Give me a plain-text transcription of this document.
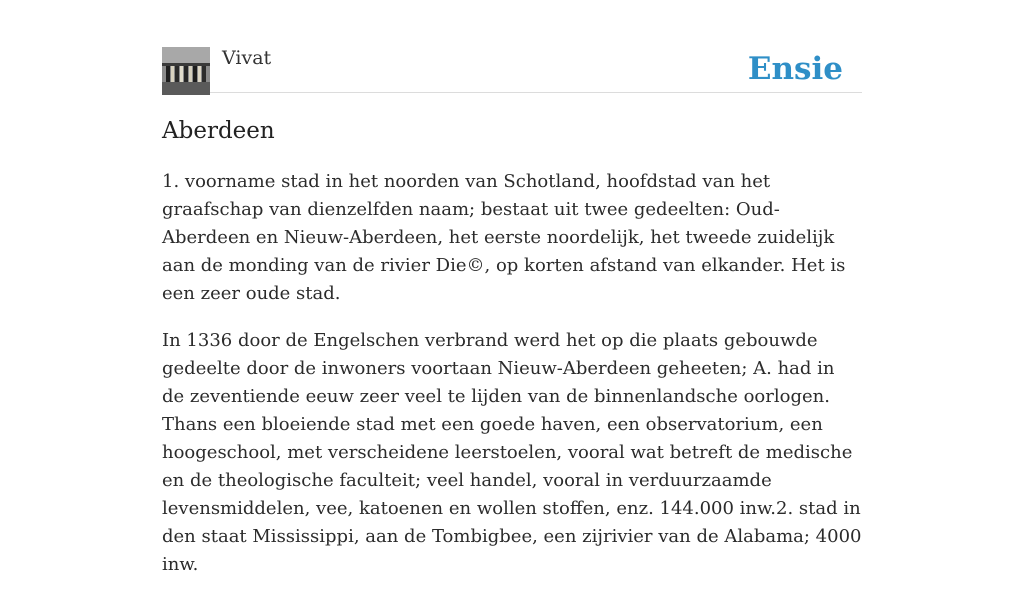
Vivat	Ensie
Aberdeen

1. voorname stad in het noorden van Schotland, hoofdstad van het graafschap van dienzelfden naam; bestaat uit twee gedeelten: Oud-Aberdeen en Nieuw-Aberdeen, het eerste noordelijk, het tweede zuidelijk aan de monding van de rivier Die©, op korten afstand van elkander. Het is een zeer oude stad.

In 1336 door de Engelschen verbrand werd het op die plaats gebouwde gedeelte door de inwoners voortaan Nieuw-Aberdeen geheeten; A. had in de zeventiende eeuw zeer veel te lijden van de binnenlandsche oorlogen. Thans een bloeiende stad met een goede haven, een observatorium, een hoogeschool, met verscheidene leerstoelen, vooral wat betreft de medische en de theologische faculteit; veel handel, vooral in verduurzaamde levensmiddelen, vee, katoenen en wollen stoffen, enz. 144.000 inw.2. stad in den staat Mississippi, aan de Tombigbee, een zijrivier van de Alabama; 4000 inw.
